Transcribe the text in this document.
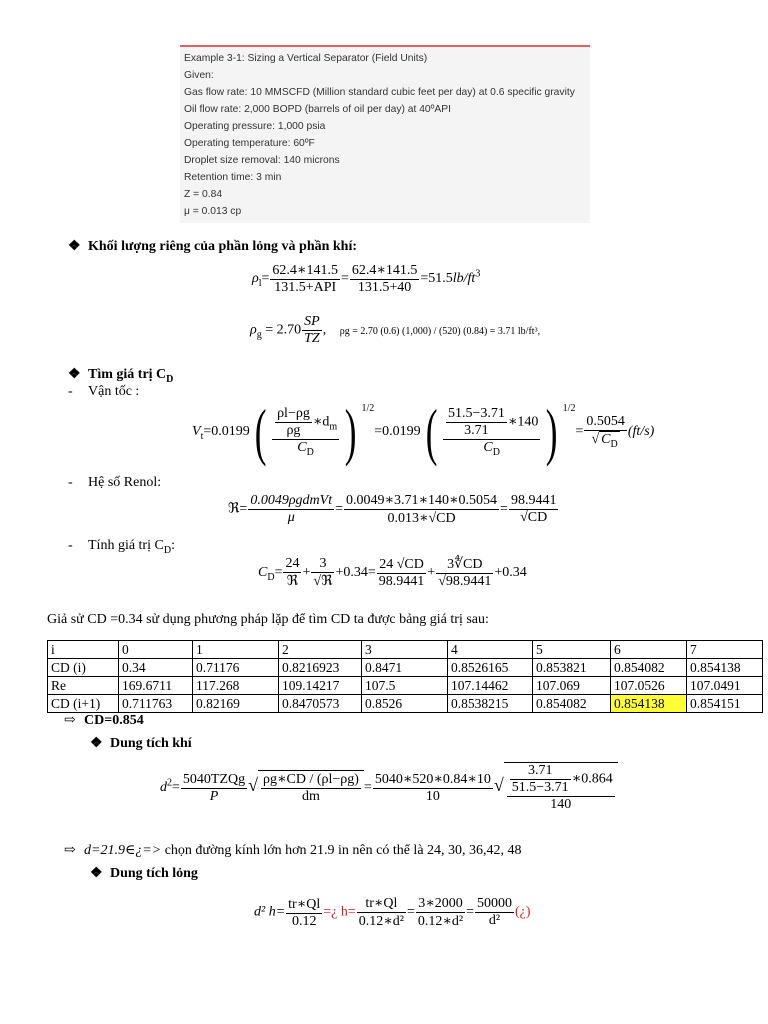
Example 3-1: Sizing a Vertical Separator (Field Units)
Given:
Gas flow rate: 10 MMSCFD (Million standard cubic feet per day) at 0.6 specific gravity
Oil flow rate: 2,000 BOPD (barrels of oil per day) at 40ºAPI
Operating pressure: 1,000 psia
Operating temperature: 60ºF
Droplet size removal: 140 microns
Retention time: 3 min
Z = 0.84
μ = 0.013 cp
❖ Khối lượng riêng của phần lỏng và phần khí:
$\rho_l= \frac{62.4∗141.5}{\text{131.5+API}} = \frac{62.4∗141.5}{131.5+40} =51.5lb/ft^3$
$\rho_g = 2.70 \frac{SP}{TZ}$ , ρg = 2.70 (0.6) (1,000) / (520) (0.84) = 3.71 lb/ft³,
❖ Tìm giá trị $C_D$
- Vận tốc :
$V_t=0.0199( \frac{\frac{\rho l-\rho g}{\rho g} ∗d_m}{C_D}$ ) $^{1/2}=0.0199( \frac{\frac{51.5-3.71}{3.71} ∗140}{C_D}$ ) $^{1/2}= \frac{0.5054}{√ C_D} (ft/s)$
- Hệ số Renol:
ℜ= $\frac{\text{0.0049ρgdmVt}}{\mu} = \frac{0.0049∗3.71∗140∗0.5054}{0.013∗√CD} = \frac{98.9441}{√CD}$
- Tính giá trị $C_D$:
$C_D= \frac{24}{\text{ℜ}} + \frac{3}{\text{√ℜ}} +0.34= \frac{24 √CD}{98.9441} + \frac{3∜CD}{√98.9441} +0.34$
Giả sử CD =0.34 sử dụng phương pháp lặp để tìm CD ta được bảng giá trị sau:
i	0	1	2	3	4	5	6	7
CD (i)	0.34	0.71176	0.8216923	0.8471	0.8526165	0.853821	0.854082	0.854138
Re	169.6711	117.268	109.14217	107.5	107.14462	107.069	107.0526	107.0491
CD (i+1)	0.711763	0.82169	0.8470573	0.8526	0.8538215	0.854082	0.854138	0.854151
⇨ CD=0.854
❖ Dung tích khí
$d^2= \frac{\text{5040TZQg}}{P}$ √ $\frac{\rho g∗CD / (\rho l-\rho g)}{dm} = \frac{5040∗520∗0.84∗10}{10}$ √ $\frac{\frac{3.71}{51.5-3.71} ∗0.864}{140}$
⇨ d=21.9∈¿=> chọn đường kính lớn hơn 21.9 in nên có thể là 24, 30, 36,42, 48
❖ Dung tích lỏng
d² $h= \frac{tr∗Ql}{0.12}$ =¿ $h= \frac{tr∗Ql}{\text{0.12∗d²}} = \frac{3∗2000}{\text{0.12∗d²}} = \frac{50000}{\text{d²}}$ (¿)
